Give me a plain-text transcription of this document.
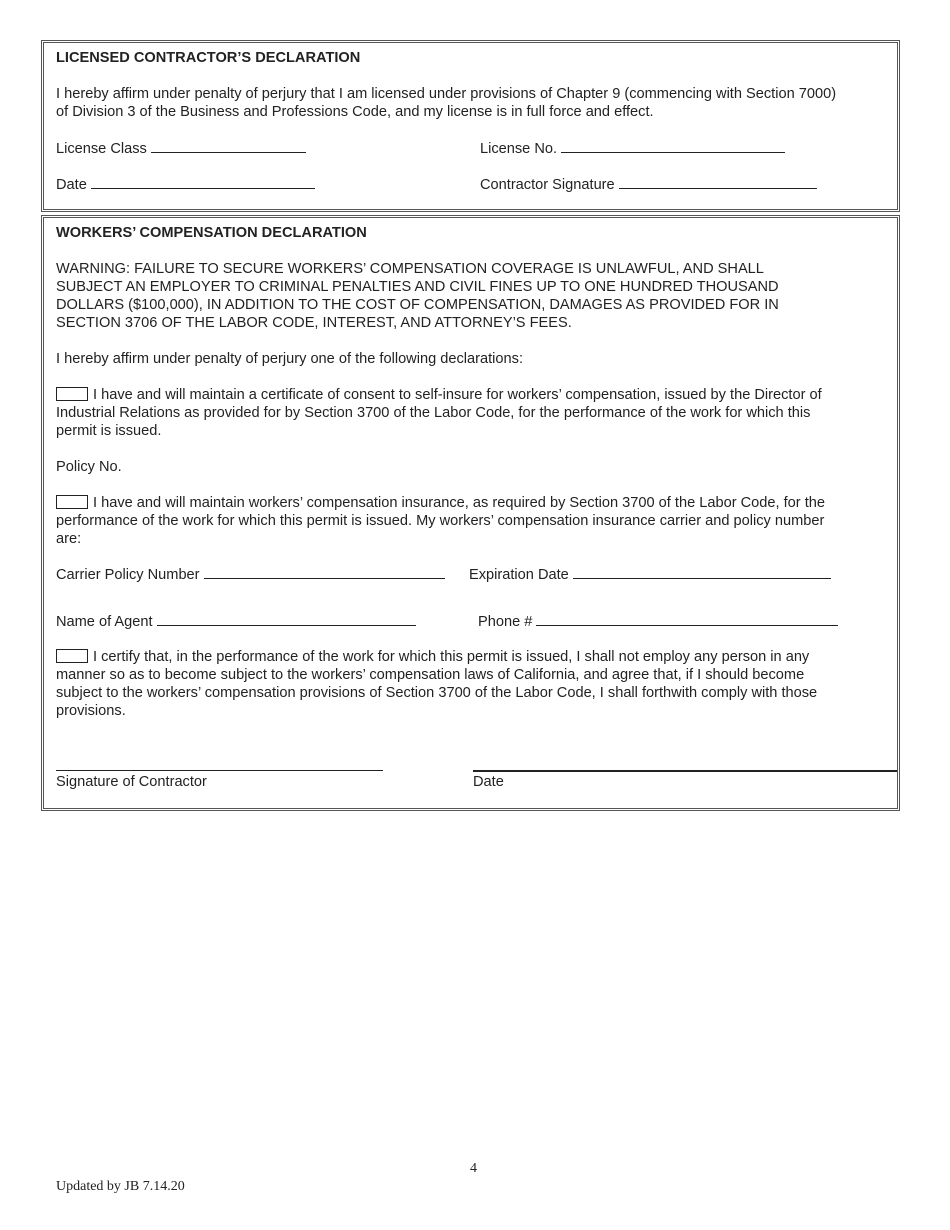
LICENSED CONTRACTOR’S DECLARATION
I hereby affirm under penalty of perjury that I am licensed under provisions of Chapter 9 (commencing with Section 7000)
of Division 3 of the Business and Professions Code, and my license is in full force and effect.
License Class	License No.
Date	Contractor Signature
WORKERS’ COMPENSATION DECLARATION
WARNING: FAILURE TO SECURE WORKERS’ COMPENSATION COVERAGE IS UNLAWFUL, AND SHALL
SUBJECT AN EMPLOYER TO CRIMINAL PENALTIES AND CIVIL FINES UP TO ONE HUNDRED THOUSAND
DOLLARS ($100,000), IN ADDITION TO THE COST OF COMPENSATION, DAMAGES AS PROVIDED FOR IN
SECTION 3706 OF THE LABOR CODE, INTEREST, AND ATTORNEY’S FEES.
I hereby affirm under penalty of perjury one of the following declarations:
I have and will maintain a certificate of consent to self-insure for workers’ compensation, issued by the Director of
Industrial Relations as provided for by Section 3700 of the Labor Code, for the performance of the work for which this
permit is issued.
Policy No.
I have and will maintain workers’ compensation insurance, as required by Section 3700 of the Labor Code, for the
performance of the work for which this permit is issued. My workers’ compensation insurance carrier and policy number
are:
Carrier Policy Number	Expiration Date
Name of Agent	Phone #
I certify that, in the performance of the work for which this permit is issued, I shall not employ any person in any
manner so as to become subject to the workers’ compensation laws of California, and agree that, if I should become
subject to the workers’ compensation provisions of Section 3700 of the Labor Code, I shall forthwith comply with those
provisions.
Signature of Contractor	Date
4
Updated by JB 7.14.20
